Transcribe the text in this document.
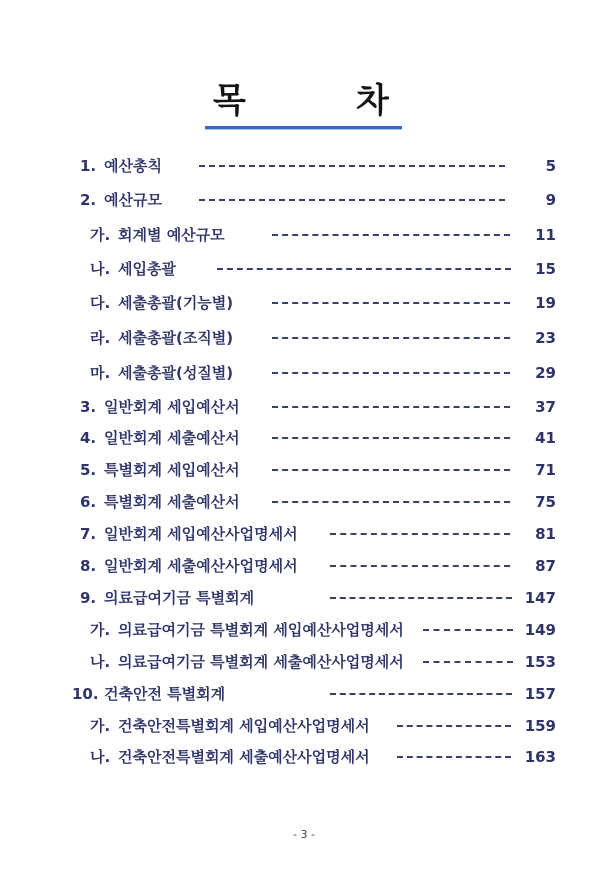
목	차
1. 예산총칙	5
2. 예산규모	9
가. 회계별 예산규모	11
나. 세입총괄	15
다. 세출총괄(기능별)	19
라. 세출총괄(조직별)	23
마. 세출총괄(성질별)	29
3. 일반회계 세입예산서	37
4. 일반회계 세출예산서	41
5. 특별회계 세입예산서	71
6. 특별회계 세출예산서	75
7. 일반회계 세입예산사업명세서	81
8. 일반회계 세출예산사업명세서	87
9. 의료급여기금 특별회계	147
가. 의료급여기금 특별회계 세입예산사업명세서	149
나. 의료급여기금 특별회계 세출예산사업명세서	153
10. 건축안전 특별회계	157
가. 건축안전특별회계 세입예산사업명세서	159
나. 건축안전특별회계 세출예산사업명세서	163
- 3 -
